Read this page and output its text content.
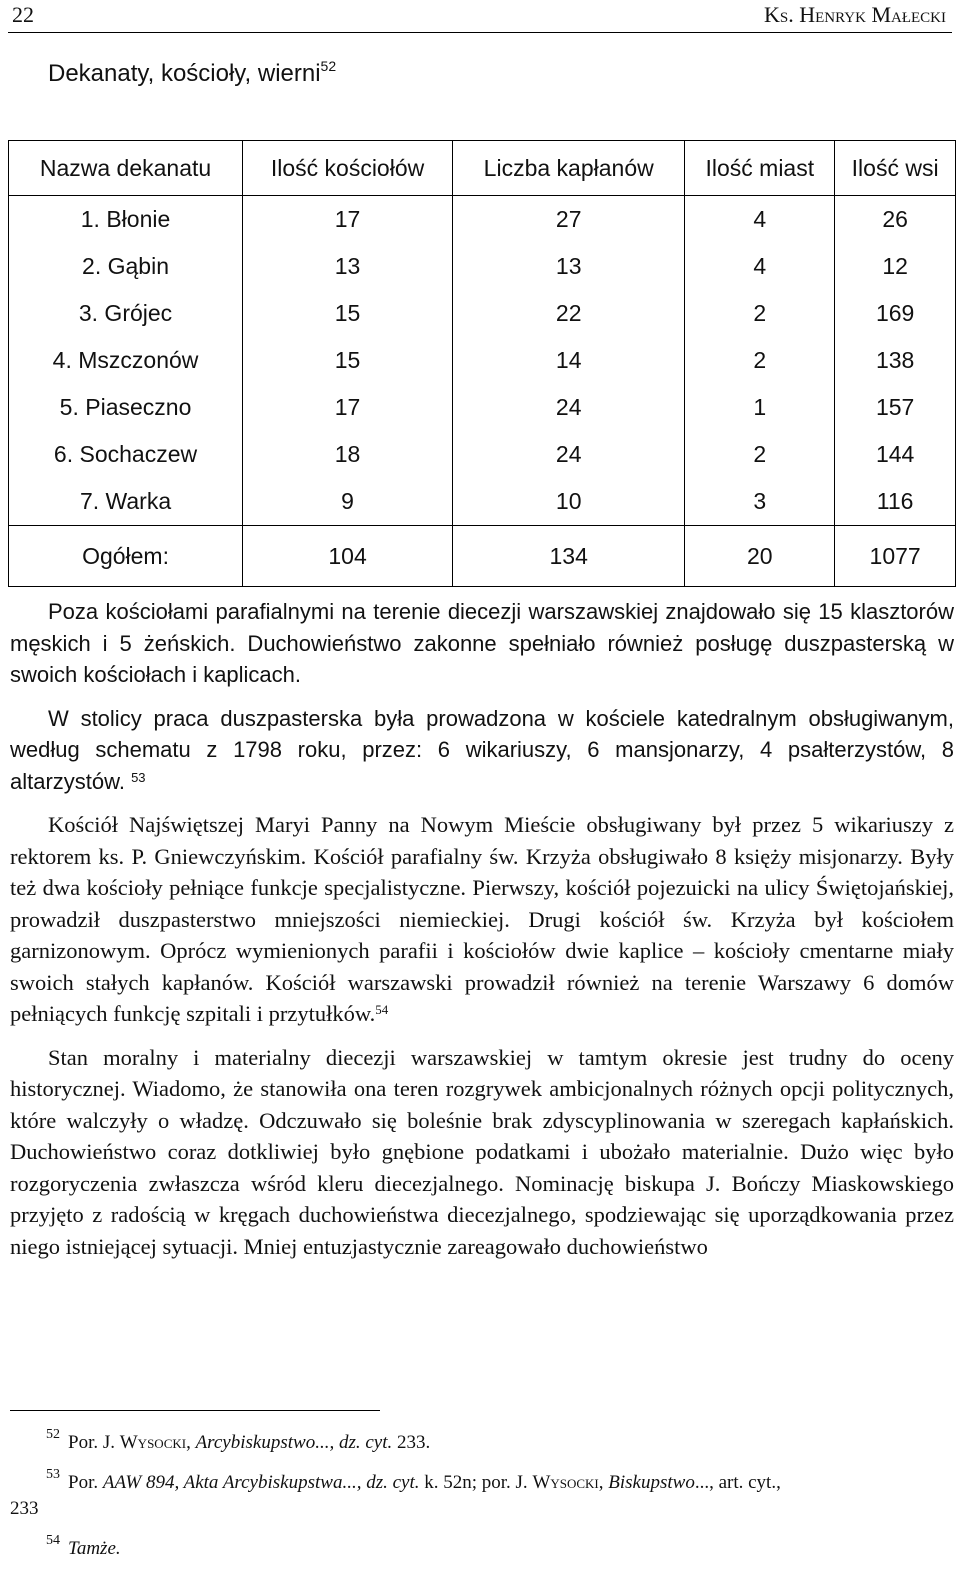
22	Ks. Henryk Małecki
Dekanaty, kościoły, wierni$^{52}$
Nazwa dekanatu	Ilość kościołów	Liczba kapłanów	Ilość miast	Ilość wsi
1. Błonie	17	27	4	26
2. Gąbin	13	13	4	12
3. Grójec	15	22	2	169
4. Mszczonów	15	14	2	138
5. Piaseczno	17	24	1	157
6. Sochaczew	18	24	2	144
7. Warka	9	10	3	116
Ogółem:	104	134	20	1077

Poza kościołami parafialnymi na terenie diecezji warszawskiej znajdowało się 15 klasztorów męskich i 5 żeńskich. Duchowieństwo zakonne spełniało również posługę duszpasterską w swoich kościołach i kaplicach.

W stolicy praca duszpasterska była prowadzona w kościele katedralnym obsługiwanym, według schematu z 1798 roku, przez: 6 wikariuszy, 6 mansjonarzy, 4 psałterzystów, 8 altarzystów. $^{53}$

Kościół Najświętszej Maryi Panny na Nowym Mieście obsługiwany był przez 5 wikariuszy z rektorem ks. P. Gniewczyńskim. Kościół parafialny św. Krzyża obsługiwało 8 księży misjonarzy. Były też dwa kościoły pełniące funkcje specjalistyczne. Pierwszy, kościół pojezuicki na ulicy Świętojańskiej, prowadził duszpasterstwo mniejszości niemieckiej. Drugi kościół św. Krzyża był kościołem garnizonowym. Oprócz wymienionych parafii i kościołów dwie kaplice – kościoły cmentarne miały swoich stałych kapłanów. Kościół warszawski prowadził również na terenie Warszawy 6 domów pełniących funkcję szpitali i przytułków.$^{54}$

Stan moralny i materialny diecezji warszawskiej w tamtym okresie jest trudny do oceny historycznej. Wiadomo, że stanowiła ona teren rozgrywek ambicjonalnych różnych opcji politycznych, które walczyły o władzę. Odczuwało się boleśnie brak zdyscyplinowania w szeregach kapłańskich. Duchowieństwo coraz dotkliwiej było gnębione podatkami i ubożało materialnie. Dużo więc było rozgoryczenia zwłaszcza wśród kleru diecezjalnego. Nominację biskupa J. Bończy Miaskowskiego przyjęto z radością w kręgach duchowieństwa diecezjalnego, spodziewając się uporządkowania przez niego istniejącej sytuacji. Mniej entuzjastycznie zareagowało duchowieństwo

52 Por. J. Wysocki, Arcybiskupstwo..., dz. cyt. 233.
53 Por. AAW 894, Akta Arcybiskupstwa..., dz. cyt. k. 52n; por. J. Wysocki, Biskupstwo..., art. cyt.,
233
54 Tamże.
